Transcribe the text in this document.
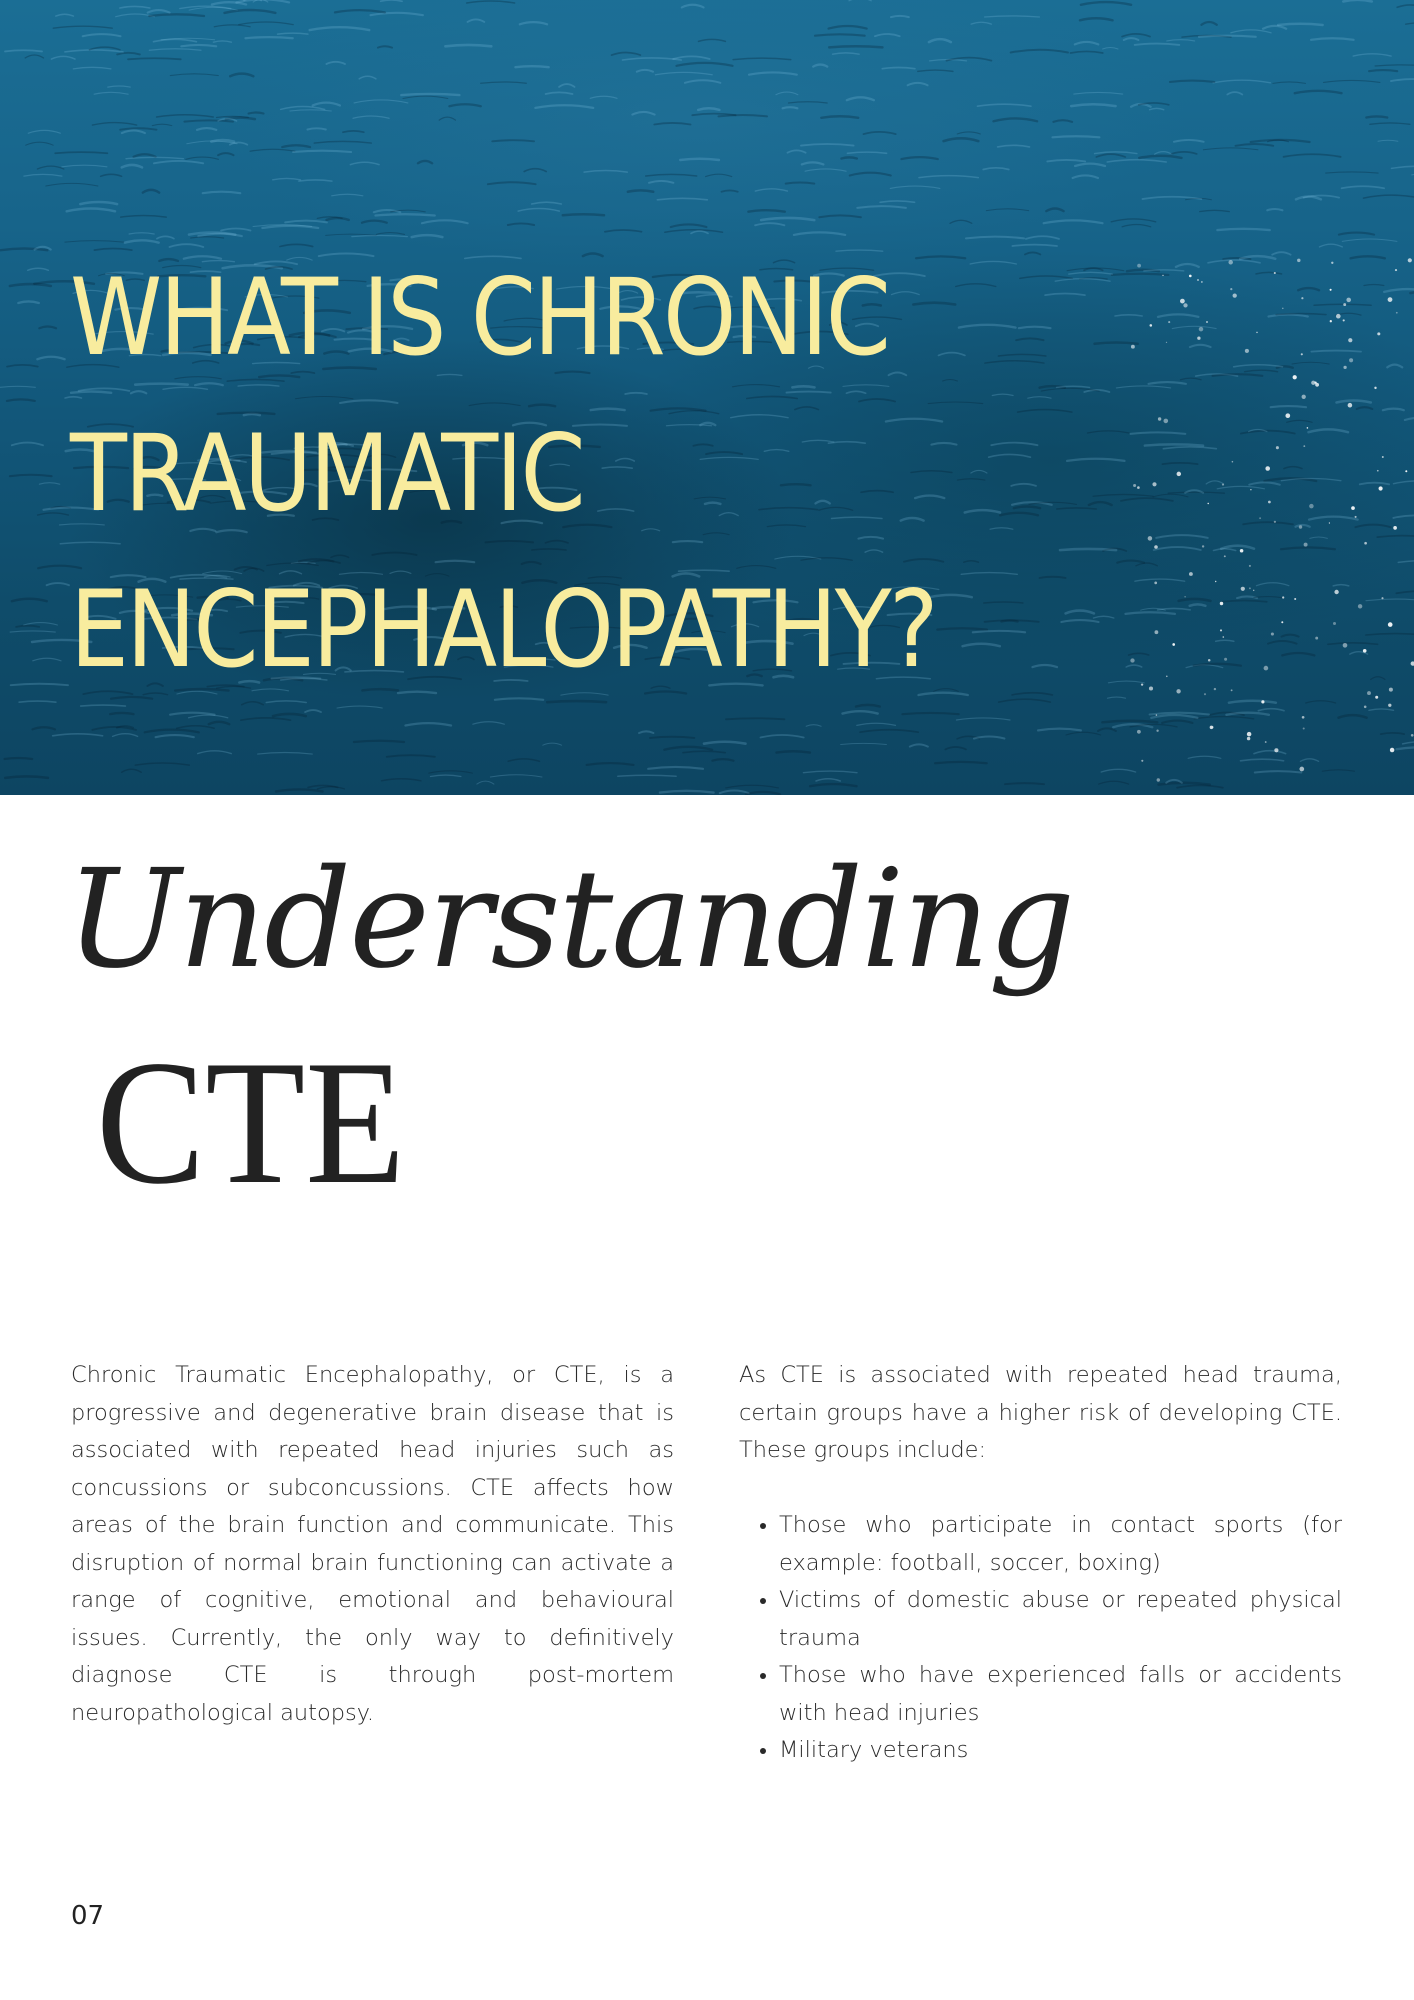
WHAT IS CHRONIC
TRAUMATIC
ENCEPHALOPATHY?
Understanding
CTE

Chronic Traumatic Encephalopathy, or CTE, is a progressive and degenerative brain disease that is associated with repeated head injuries such as concussions or subconcussions. CTE affects how areas of the brain function and communicate. This disruption of normal brain functioning can activate a range of cognitive, emotional and behavioural issues. Currently, the only way to definitively diagnose CTE is through post-mortem neuropathological autopsy.

As CTE is associated with repeated head trauma, certain groups have a higher risk of developing CTE. These groups include:

• Those who participate in contact sports (for example: football, soccer, boxing)
• Victims of domestic abuse or repeated physical trauma
• Those who have experienced falls or accidents with head injuries
• Military veterans
07
